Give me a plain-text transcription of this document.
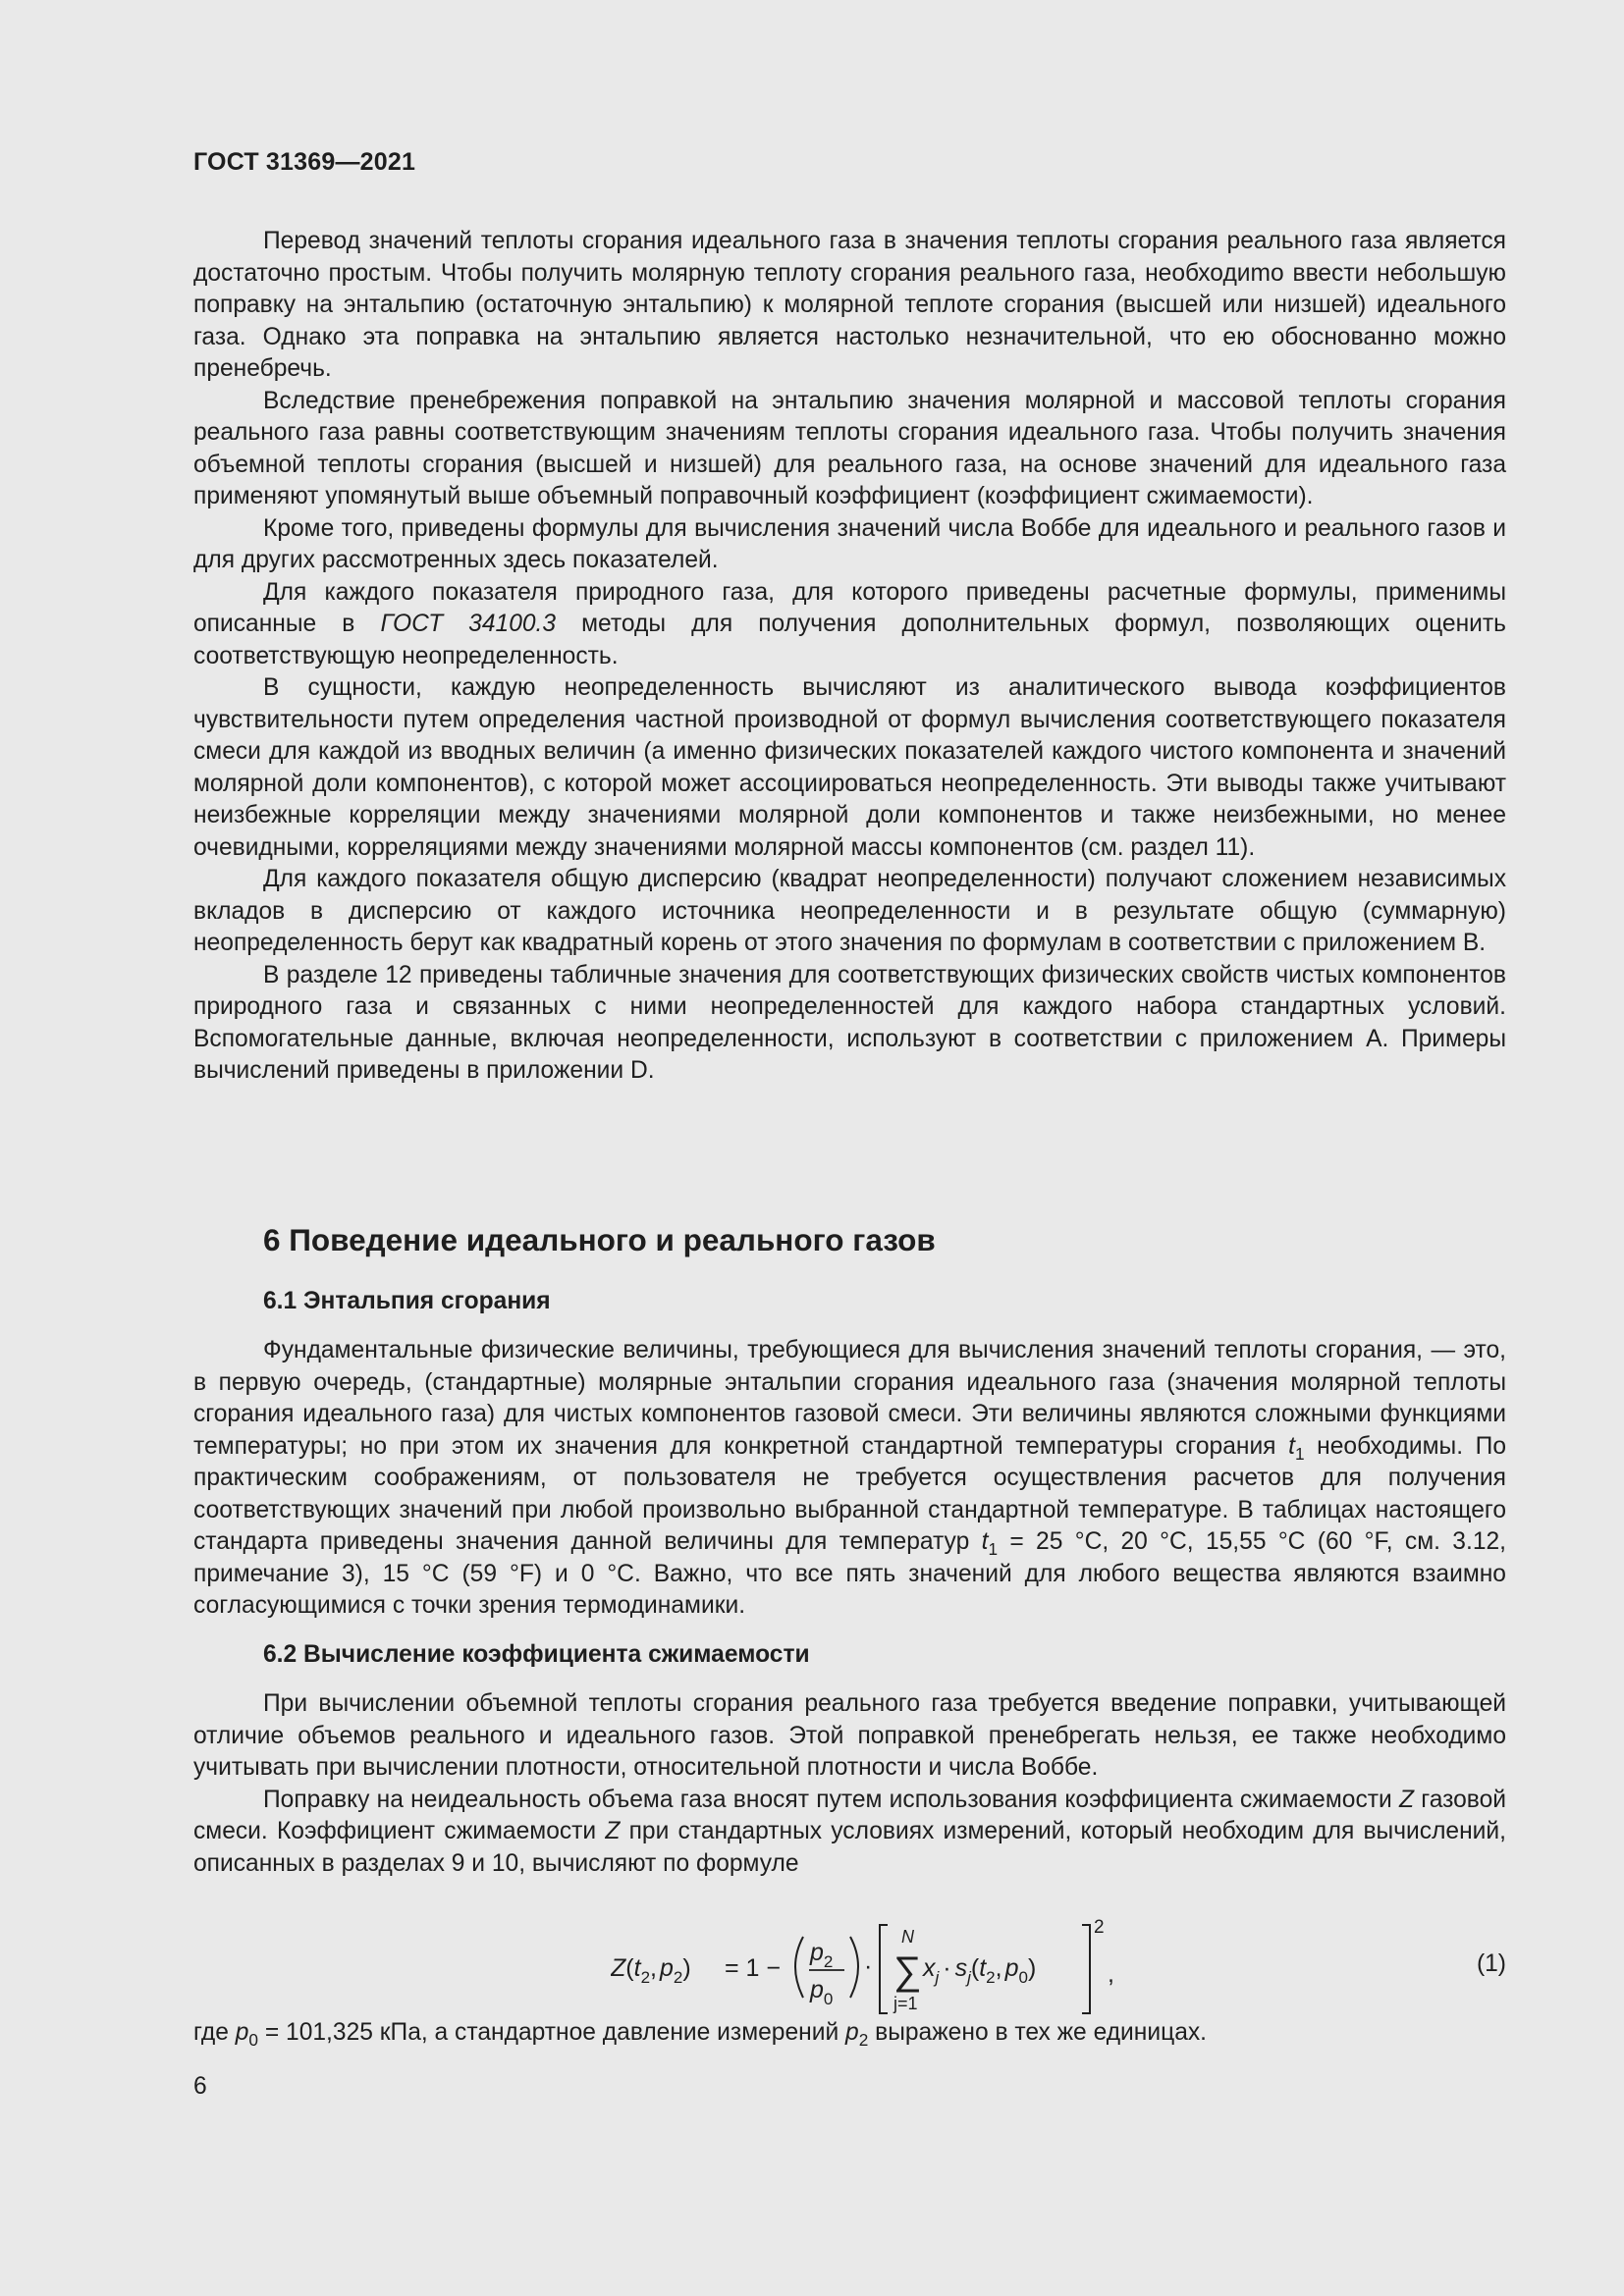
ГОСТ 31369—2021

Перевод значений теплоты сгорания идеального газа в значения теплоты сгорания реального газа является достаточно простым. Чтобы получить молярную теплоту сгорания реального газа, необходиmо ввести небольшую поправку на энтальпию (остаточную энтальпию) к молярной теплоте сгорания (высшей или низшей) идеального газа. Однако эта поправка на энтальпию является настолько незначительной, что ею обоснованно можно пренебречь.

Вследствие пренебрежения поправкой на энтальпию значения молярной и массовой теплоты сгорания реального газа равны соответствующим значениям теплоты сгорания идеального газа. Чтобы получить значения объемной теплоты сгорания (высшей и низшей) для реального газа, на основе значений для идеального газа применяют упомянутый выше объемный поправочный коэффициент (коэффициент сжимаемости).

Кроме того, приведены формулы для вычисления значений числа Воббе для идеального и реального газов и для других рассмотренных здесь показателей.

Для каждого показателя природного газа, для которого приведены расчетные формулы, применимы описанные в ГОСТ 34100.3 методы для получения дополнительных формул, позволяющих оценить соответствующую неопределенность.

В сущности, каждую неопределенность вычисляют из аналитического вывода коэффициентов чувствительности путем определения частной производной от формул вычисления соответствующего показателя смеси для каждой из вводных величин (а именно физических показателей каждого чистого компонента и значений молярной доли компонентов), с которой может ассоциироваться неопределенность. Эти выводы также учитывают неизбежные корреляции между значениями молярной доли компонентов и также неизбежными, но менее очевидными, корреляциями между значениями молярной массы компонентов (см. раздел 11).

Для каждого показателя общую дисперсию (квадрат неопределенности) получают сложением независимых вкладов в дисперсию от каждого источника неопределенности и в результате общую (суммарную) неопределенность берут как квадратный корень от этого значения по формулам в соответствии с приложением В.

В разделе 12 приведены табличные значения для соответствующих физических свойств чистых компонентов природного газа и связанных с ними неопределенностей для каждого набора стандартных условий. Вспомогательные данные, включая неопределенности, используют в соответствии с приложением А. Примеры вычислений приведены в приложении D.

6 Поведение идеального и реального газов
6.1 Энтальпия сгорания

Фундаментальные физические величины, требующиеся для вычисления значений теплоты сгорания, — это, в первую очередь, (стандартные) молярные энтальпии сгорания идеального газа (значения молярной теплоты сгорания идеального газа) для чистых компонентов газовой смеси. Эти величины являются сложными функциями температуры; но при этом их значения для конкретной стандартной температуры сгорания $t_1$ необходимы. По практическим соображениям, от пользователя не требуется осуществления расчетов для получения соответствующих значений при любой произвольно выбранной стандартной температуре. В таблицах настоящего стандарта приведены значения данной величины для температур $t_1 = 25$ °С, 20 °С, 15,55 °С (60 °F, см. 3.12, примечание 3), 15 °С (59 °F) и 0 °С. Важно, что все пять значений для любого вещества являются взаимно согласующимися с точки зрения термодинамики.

6.2 Вычисление коэффициента сжимаемости

При вычислении объемной теплоты сгорания реального газа требуется введение поправки, учитывающей отличие объемов реального и идеального газов. Этой поправкой пренебрегать нельзя, ее также необходимо учитывать при вычислении плотности, относительной плотности и числа Воббе.

Поправку на неидеальность объема газа вносят путем использования коэффициента сжимаемости Z газовой смеси. Коэффициент сжимаемости Z при стандартных условиях измерений, который необходим для вычислений, описанных в разделах 9 и 10, вычисляют по формуле

$Z(t_2$, $p_2) = 1$ −
$p_2$
$p_0$
·
N
∑
j=1
$x_j \cdot s_j(t_2$, $p_0$)
2
,	(1)

где $p_0 = 101,325$ кПа, а стандартное давление измерений $p_2$ выражено в тех же единицах.

6
